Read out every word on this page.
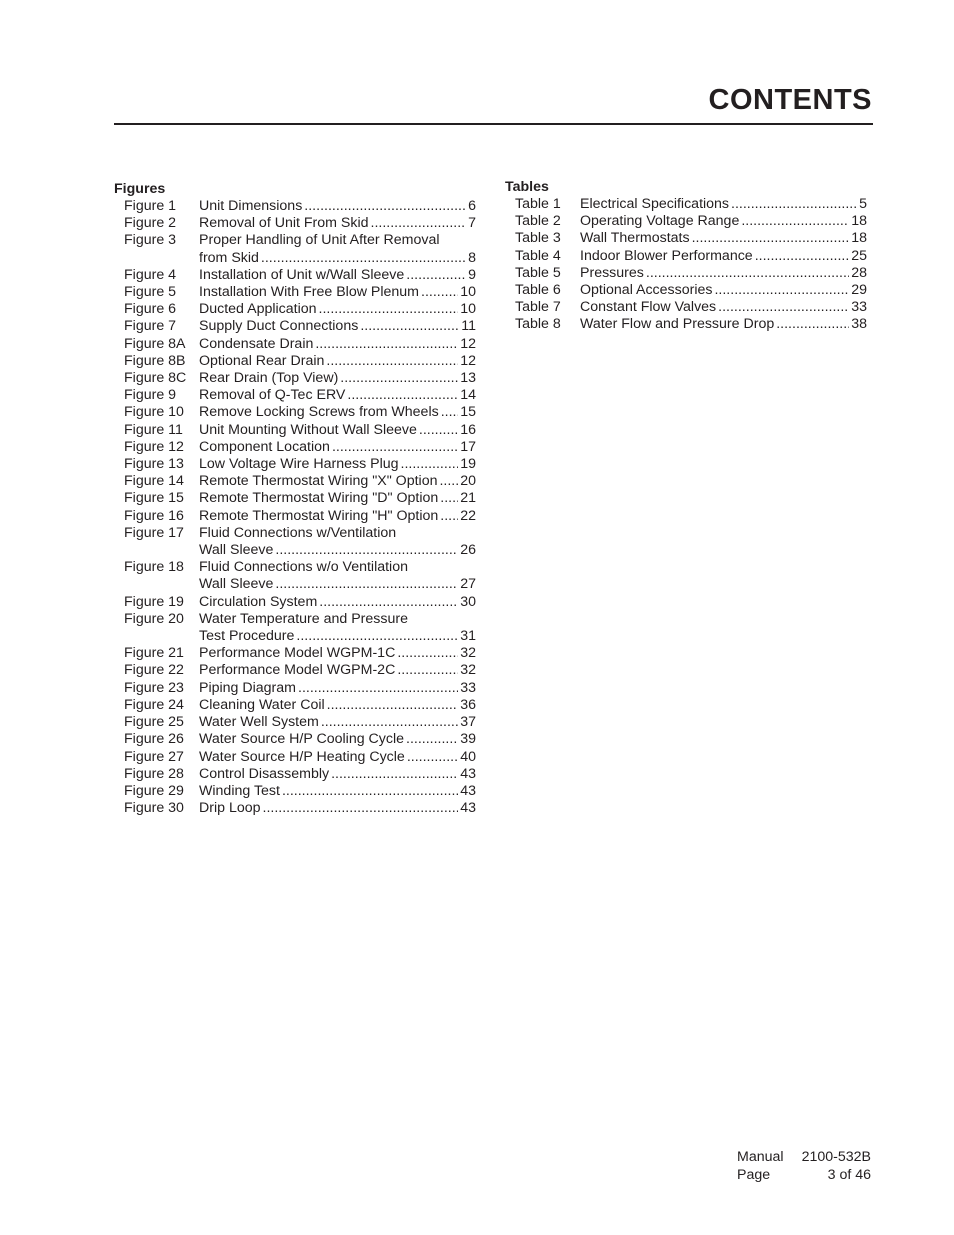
CONTENTS
Figures
Figure 1	Unit Dimensions .....	6
Figure 2	Removal of Unit From Skid .....	7
Figure 3	Proper Handling of Unit After Removal
from Skid .....	8
Figure 4	Installation of Unit w/Wall Sleeve .....	9
Figure 5	Installation With Free Blow Plenum .....	10
Figure 6	Ducted Application .....	10
Figure 7	Supply Duct Connections .....	11
Figure 8A Condensate Drain .....	12
Figure 8B Optional Rear Drain .....	12
Figure 8C Rear Drain (Top View) .....	13
Figure 9	Removal of Q-Tec ERV .....	14
Figure 10	Remove Locking Screws from Wheels ..... 15
Figure 11	Unit Mounting Without Wall Sleeve .....	16
Figure 12	Component Location .....	17
Figure 13	Low Voltage Wire Harness Plug .....	19
Figure 14	Remote Thermostat Wiring "X" Option ..... 20
Figure 15	Remote Thermostat Wiring "D" Option ..... 21
Figure 16	Remote Thermostat Wiring "H" Option ..... 22
Figure 17	Fluid Connections w/Ventilation
Wall Sleeve .....	26
Figure 18	Fluid Connections w/o Ventilation
Wall Sleeve .....	27
Figure 19	Circulation System .....	30
Figure 20	Water Temperature and Pressure
Test Procedure .....	31
Figure 21	Performance Model WGPM-1C .....	32
Figure 22	Performance Model WGPM-2C .....	32
Figure 23	Piping Diagram .....	33
Figure 24	Cleaning Water Coil .....	36
Figure 25	Water Well System .....	37
Figure 26	Water Source H/P Cooling Cycle .....	39
Figure 27	Water Source H/P Heating Cycle .....	40
Figure 28	Control Disassembly .....	43
Figure 29	Winding Test .....	43
Figure 30	Drip Loop .....	43
Tables
Table 1	Electrical Specifications .....	5
Table 2	Operating Voltage Range .....	18
Table 3	Wall Thermostats .....	18
Table 4	Indoor Blower Performance .....	25
Table 5	Pressures .....	28
Table 6	Optional Accessories .....	29
Table 7	Constant Flow Valves .....	33
Table 8	Water Flow and Pressure Drop .....	38
Manual 2100-532B
Page	3 of 46
